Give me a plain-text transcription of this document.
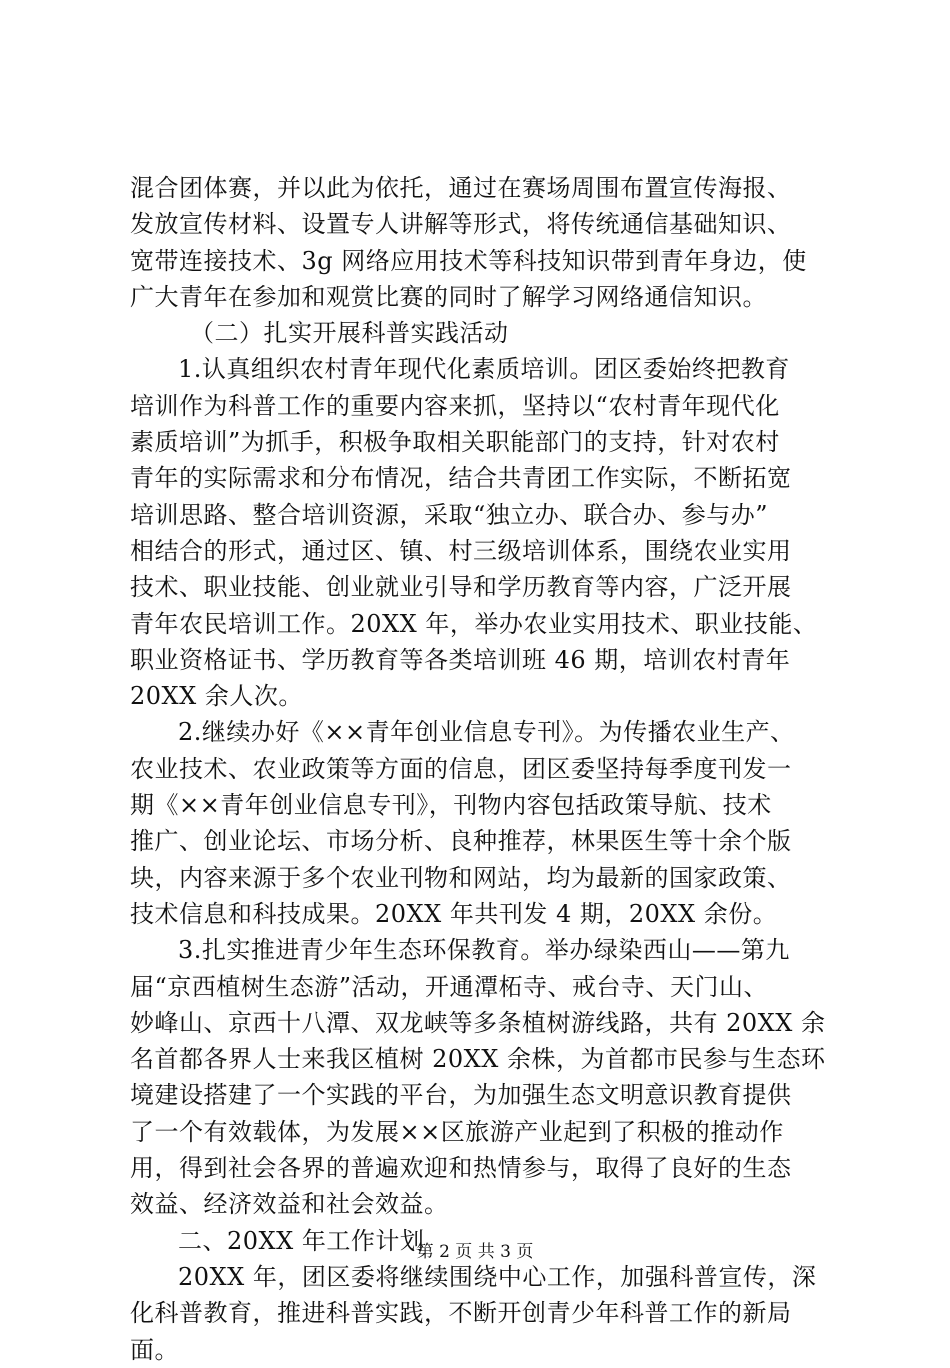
混合团体赛，并以此为依托，通过在赛场周围布置宣传海报、
发放宣传材料、设置专人讲解等形式，将传统通信基础知识、
宽带连接技术、3g 网络应用技术等科技知识带到青年身边，使
广大青年在参加和观赏比赛的同时了解学习网络通信知识。
（二）扎实开展科普实践活动
1.认真组织农村青年现代化素质培训。团区委始终把教育
培训作为科普工作的重要内容来抓，坚持以“农村青年现代化
素质培训”为抓手，积极争取相关职能部门的支持，针对农村
青年的实际需求和分布情况，结合共青团工作实际，不断拓宽
培训思路、整合培训资源，采取“独立办、联合办、参与办”
相结合的形式，通过区、镇、村三级培训体系，围绕农业实用
技术、职业技能、创业就业引导和学历教育等内容，广泛开展
青年农民培训工作。20XX 年，举办农业实用技术、职业技能、
职业资格证书、学历教育等各类培训班 46 期，培训农村青年
20XX 余人次。
2.继续办好《××青年创业信息专刊》。为传播农业生产、
农业技术、农业政策等方面的信息，团区委坚持每季度刊发一
期《××青年创业信息专刊》，刊物内容包括政策导航、技术
推广、创业论坛、市场分析、良种推荐，林果医生等十余个版
块，内容来源于多个农业刊物和网站，均为最新的国家政策、
技术信息和科技成果。20XX 年共刊发 4 期，20XX 余份。
3.扎实推进青少年生态环保教育。举办绿染西山——第九
届“京西植树生态游”活动，开通潭柘寺、戒台寺、天门山、
妙峰山、京西十八潭、双龙峡等多条植树游线路，共有 20XX 余
名首都各界人士来我区植树 20XX 余株，为首都市民参与生态环
境建设搭建了一个实践的平台，为加强生态文明意识教育提供
了一个有效载体，为发展××区旅游产业起到了积极的推动作
用，得到社会各界的普遍欢迎和热情参与，取得了良好的生态
效益、经济效益和社会效益。
二、20XX 年工作计划
20XX 年，团区委将继续围绕中心工作，加强科普宣传，深
化科普教育，推进科普实践，不断开创青少年科普工作的新局
面。
第 2 页 共 3 页
